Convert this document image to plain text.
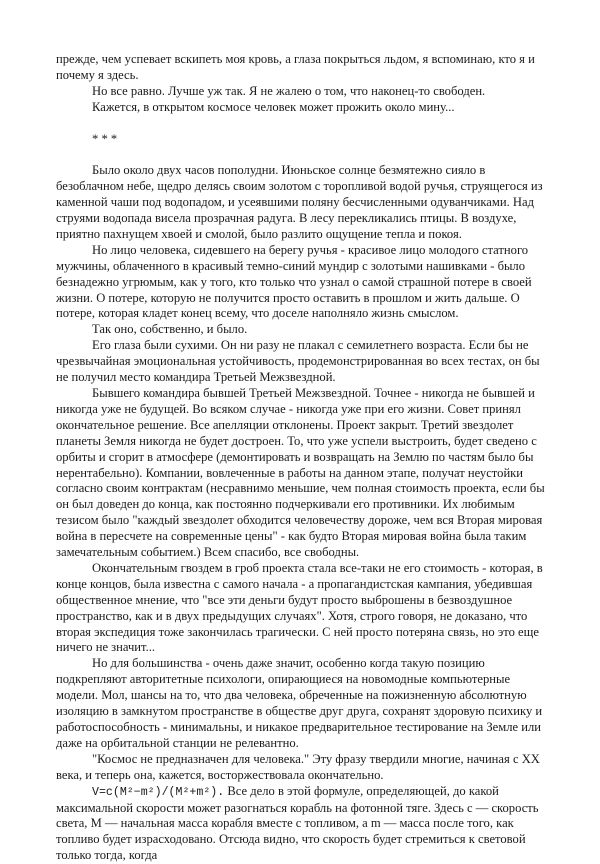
прежде, чем успевает вскипеть моя кровь, а глаза покрыться льдом, я вспоминаю, кто я и почему я здесь.

Но все равно. Лучше уж так. Я не жалею о том, что наконец-то свободен.

Кажется, в открытом космосе человек может прожить около мину...

* * *

Было около двух часов пополудни. Июньское солнце безмятежно сияло в безоблачном небе, щедро делясь своим золотом с торопливой водой ручья, струящегося из каменной чаши под водопадом, и усеявшими поляну бесчисленными одуванчиками. Над струями водопада висела прозрачная радуга. В лесу перекликались птицы. В воздухе, приятно пахнущем хвоей и смолой, было разлито ощущение тепла и покоя.

Но лицо человека, сидевшего на берегу ручья - красивое лицо молодого статного мужчины, облаченного в красивый темно-синий мундир с золотыми нашивками - было безнадежно угрюмым, как у того, кто только что узнал о самой страшной потере в своей жизни. О потере, которую не получится просто оставить в прошлом и жить дальше. О потере, которая кладет конец всему, что доселе наполняло жизнь смыслом.

Так оно, собственно, и было.

Его глаза были сухими. Он ни разу не плакал с семилетнего возраста. Если бы не чрезвычайная эмоциональная устойчивость, продемонстрированная во всех тестах, он бы не получил место командира Третьей Межзвездной.

Бывшего командира бывшей Третьей Межзвездной. Точнее - никогда не бывшей и никогда уже не будущей. Во всяком случае - никогда уже при его жизни. Совет принял окончательное решение. Все апелляции отклонены. Проект закрыт. Третий звездолет планеты Земля никогда не будет достроен. То, что уже успели выстроить, будет сведено с орбиты и сгорит в атмосфере (демонтировать и возвращать на Землю по частям было бы нерентабельно). Компании, вовлеченные в работы на данном этапе, получат неустойки согласно своим контрактам (несравнимо меньшие, чем полная стоимость проекта, если бы он был доведен до конца, как постоянно подчеркивали его противники. Их любимым тезисом было "каждый звездолет обходится человечеству дороже, чем вся Вторая мировая война в пересчете на современные цены" - как будто Вторая мировая война была таким замечательным событием.) Всем спасибо, все свободны.

Окончательным гвоздем в гроб проекта стала все-таки не его стоимость - которая, в конце концов, была известна с самого начала - а пропагандистская кампания, убедившая общественное мнение, что "все эти деньги будут просто выброшены в безвоздушное пространство, как и в двух предыдущих случаях". Хотя, строго говоря, не доказано, что вторая экспедиция тоже закончилась трагически. С ней просто потеряна связь, но это еще ничего не значит...

Но для большинства - очень даже значит, особенно когда такую позицию подкрепляют авторитетные психологи, опирающиеся на новомодные компьютерные модели. Мол, шансы на то, что два человека, обреченные на пожизненную абсолютную изоляцию в замкнутом пространстве в обществе друг друга, сохранят здоровую психику и работоспособность - минимальны, и никакое предварительное тестирование на Земле или даже на орбитальной станции не релевантно.

"Космос не предназначен для человека." Эту фразу твердили многие, начиная с XX века, и теперь она, кажется, восторжествовала окончательно.

V=c(M²−m²)/(M²+m²). Все дело в этой формуле, определяющей, до какой максимальной скорости может разогнаться корабль на фотонной тяге. Здесь с — скорость света, М — начальная масса корабля вместе с топливом, а m — масса после того, как топливо будет израсходовано. Отсюда видно, что скорость будет стремиться к световой только тогда, когда
